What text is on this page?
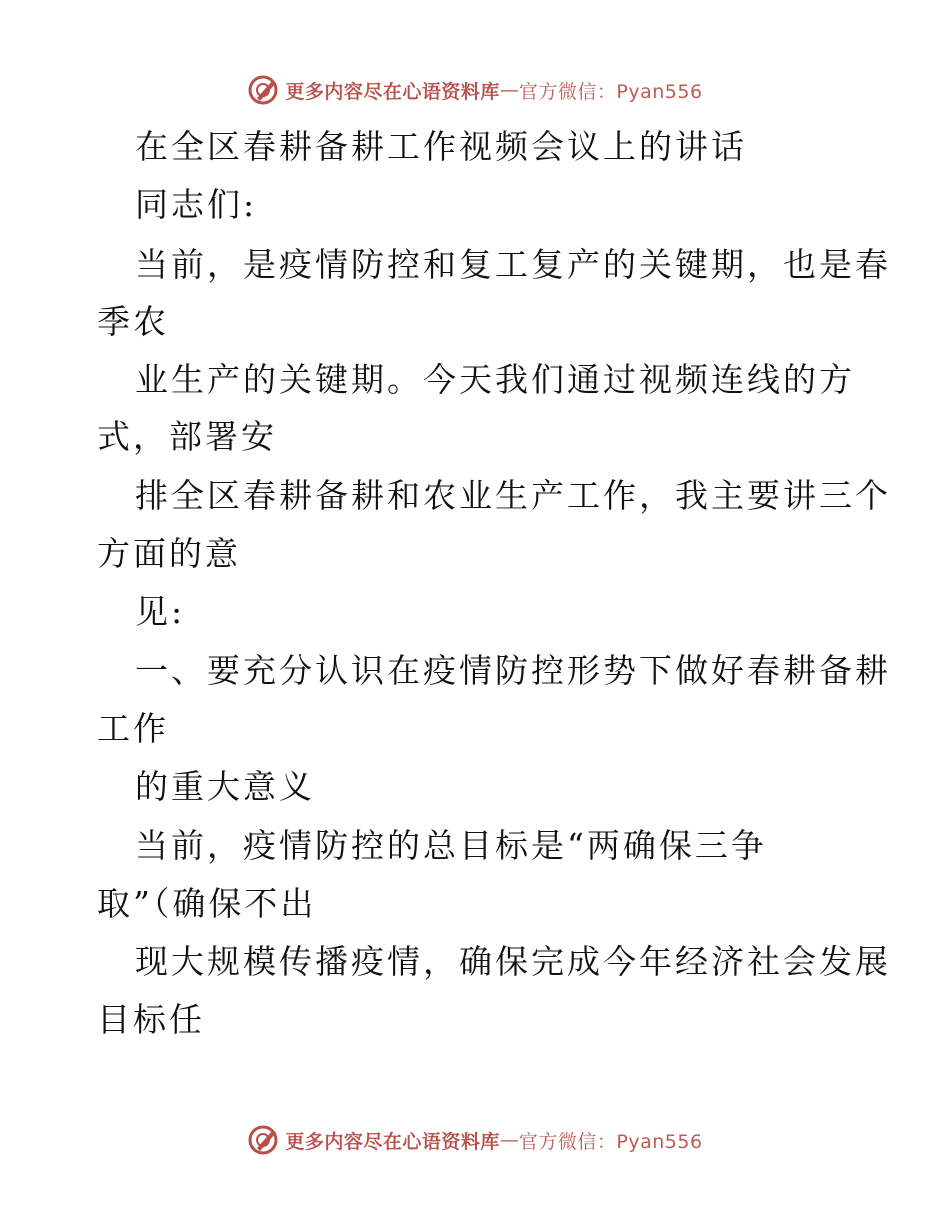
更多内容尽在心语资料库 — 官方微信：Pyan556
在全区春耕备耕工作视频会议上的讲话
同志们:
当前，是疫情防控和复工复产的关键期，也是春
季农
业生产的关键期。今天我们通过视频连线的方
式，部署安
排全区春耕备耕和农业生产工作，我主要讲三个
方面的意
见:
一、要充分认识在疫情防控形势下做好春耕备耕
工作
的重大意义
当前，疫情防控的总目标是“两确保三争
取”（确保不出
现大规模传播疫情，确保完成今年经济社会发展
目标任
更多内容尽在心语资料库 — 官方微信：Pyan556
